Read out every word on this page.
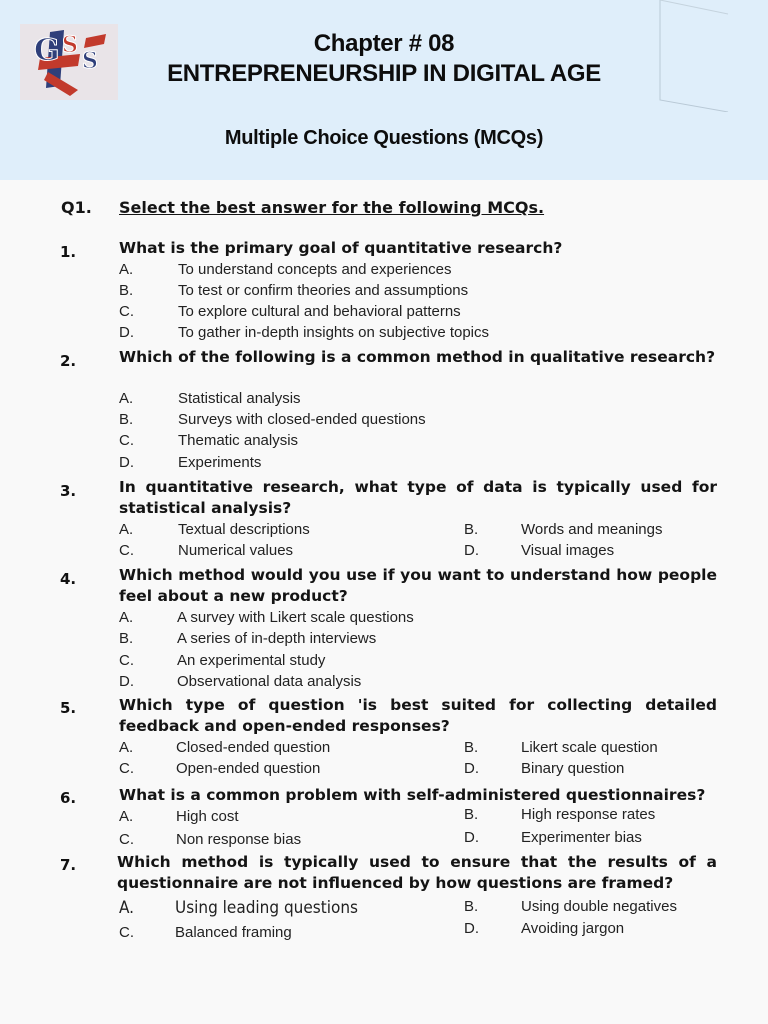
G S
S
Chapter # 08
ENTREPRENEURSHIP IN DIGITAL AGE
Multiple Choice Questions (MCQs)
Q1. Select the best answer for the following MCQs.
1.	What is the primary goal of quantitative research?
A.	To understand concepts and experiences
B.	To test or confirm theories and assumptions
C.	To explore cultural and behavioral patterns
D.	To gather in-depth insights on subjective topics
2.	Which of the following is a common method in qualitative research?
A.	Statistical analysis
B.	Surveys with closed-ended questions
C.	Thematic analysis
D.	Experiments
3.	In quantitative research, what type of data is typically used for statistical analysis?
A.	Textual descriptions	B.	Words and meanings
C.	Numerical values	D.	Visual images
4.	Which method would you use if you want to understand how people feel about a new product?
A.	A survey with Likert scale questions
B.	A series of in-depth interviews
C.	An experimental study
D.	Observational data analysis
5.	Which type of question 'is best suited for collecting detailed feedback and open-ended responses?
A.	Closed-ended question	B.	Likert scale question
C.	Open-ended question	D.	Binary question
6.	What is a common problem with self-administered questionnaires?
A.	High cost	B.	High response rates
C.	Non response bias	D.	Experimenter bias
7.	Which method is typically used to ensure that the results of a questionnaire are not influenced by how questions are framed?
A. Using leading questions	B.	Using double negatives
C.	Balanced framing	D.	Avoiding jargon
